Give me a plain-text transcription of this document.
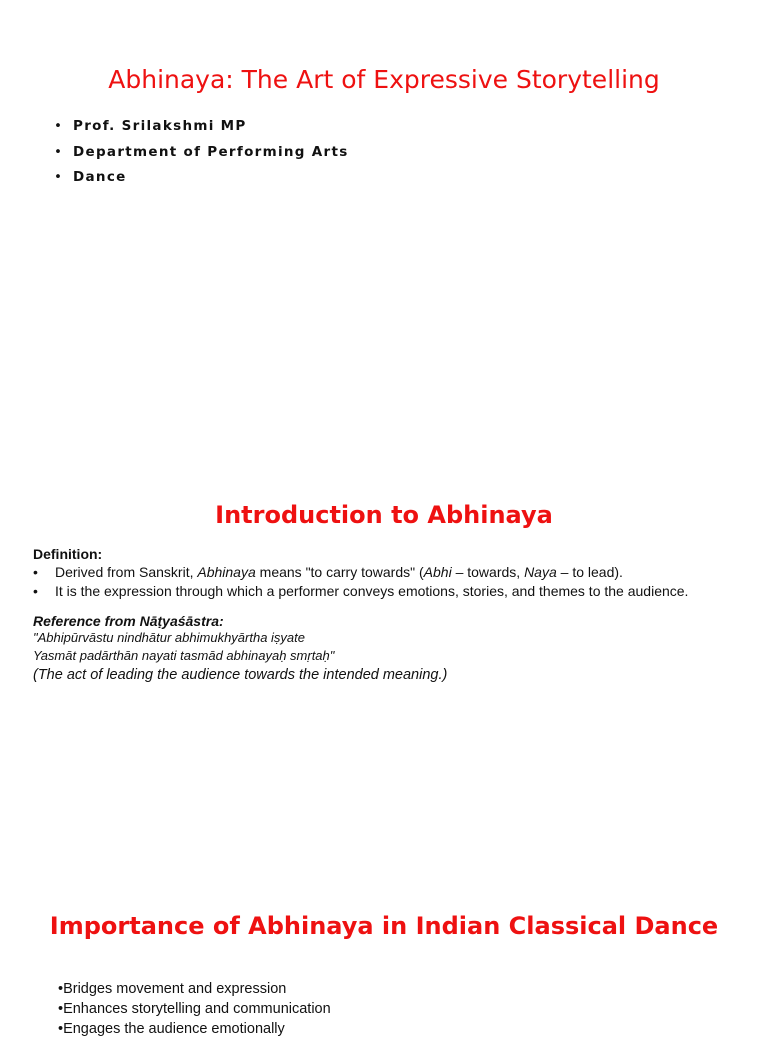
Abhinaya: The Art of Expressive Storytelling
• Prof. Srilakshmi MP
• Department of Performing Arts
• Dance
Introduction to Abhinaya
Definition:
• Derived from Sanskrit, Abhinaya means "to carry towards" (Abhi – towards, Naya – to lead).
• It is the expression through which a performer conveys emotions, stories, and themes to the audience.
Reference from Nāṭyaśāstra:
"Abhipūrvāstu nindhātur abhimukhyārtha iṣyate
Yasmāt padārthān nayati tasmād abhinayaḥ smṛtaḥ"
(The act of leading the audience towards the intended meaning.)
Importance of Abhinaya in Indian Classical Dance
•Bridges movement and expression
•Enhances storytelling and communication
•Engages the audience emotionally
